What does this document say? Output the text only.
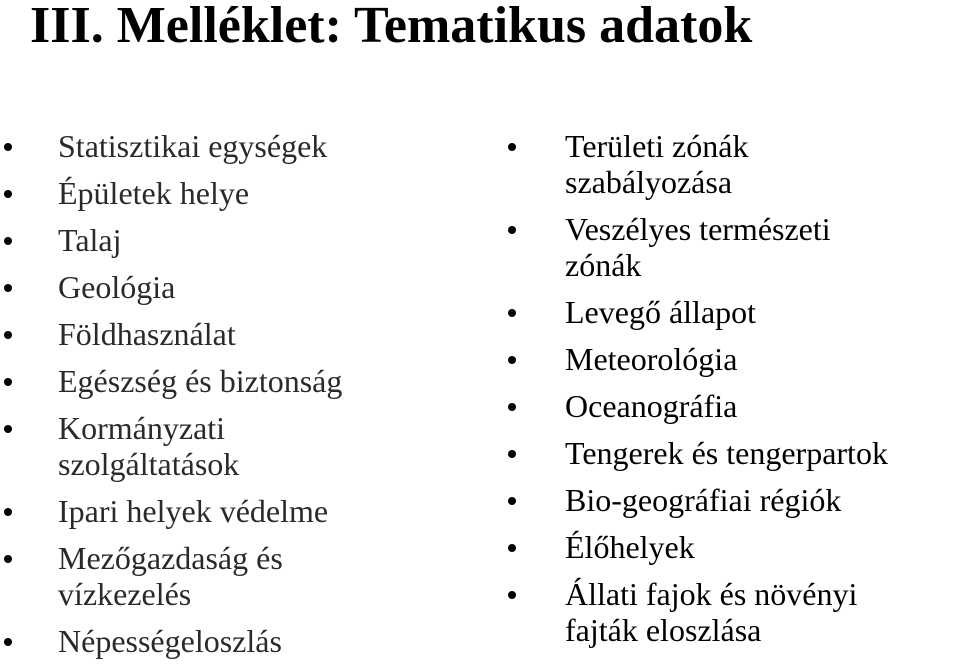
III. Melléklet: Tematikus adatok
Statisztikai egységek
Épületek helye
Talaj
Geológia
Földhasználat
Egészség és biztonság
Kormányzati
szolgáltatások
Ipari helyek védelme
Mezőgazdaság és
vízkezelés
Népességeloszlás
Területi zónák
szabályozása
Veszélyes természeti
zónák
Levegő állapot
Meteorológia
Oceanográfia
Tengerek és tengerpartok
Bio-geográfiai régiók
Élőhelyek
Állati fajok és növényi
fajták eloszlása
